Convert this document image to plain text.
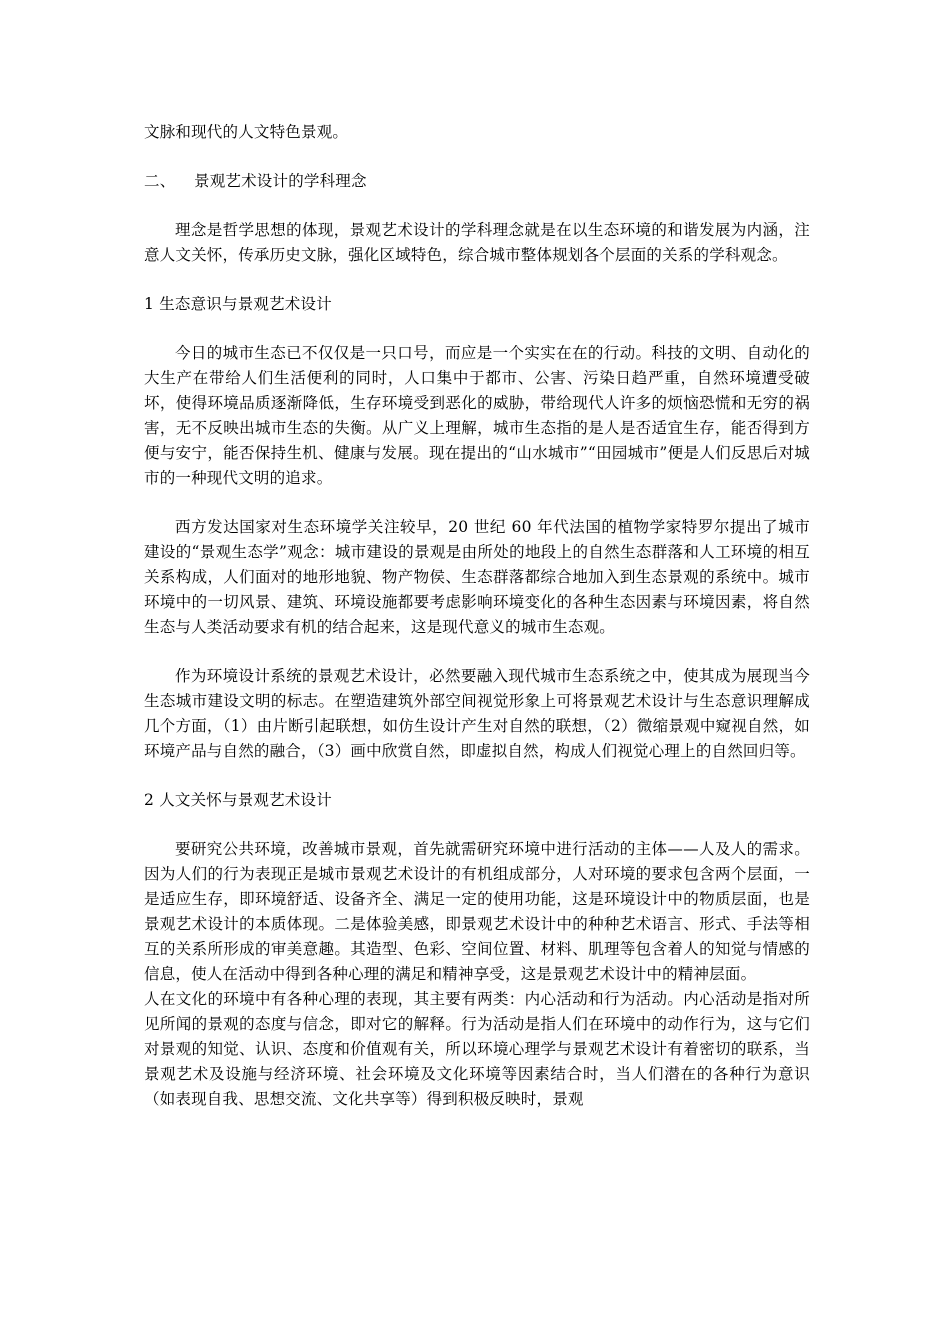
文脉和现代的人文特色景观。

二、 景观艺术设计的学科理念

理念是哲学思想的体现，景观艺术设计的学科理念就是在以生态环境的和谐发展为内涵，注意人文关怀，传承历史文脉，强化区域特色，综合城市整体规划各个层面的关系的学科观念。

1 生态意识与景观艺术设计

今日的城市生态已不仅仅是一只口号，而应是一个实实在在的行动。科技的文明、自动化的大生产在带给人们生活便利的同时，人口集中于都市、公害、污染日趋严重，自然环境遭受破坏，使得环境品质逐渐降低，生存环境受到恶化的威胁，带给现代人许多的烦恼恐慌和无穷的祸害，无不反映出城市生态的失衡。从广义上理解，城市生态指的是人是否适宜生存，能否得到方便与安宁，能否保持生机、健康与发展。现在提出的“山水城市”“田园城市”便是人们反思后对城市的一种现代文明的追求。

西方发达国家对生态环境学关注较早，20 世纪 60 年代法国的植物学家特罗尔提出了城市建设的“景观生态学”观念：城市建设的景观是由所处的地段上的自然生态群落和人工环境的相互关系构成，人们面对的地形地貌、物产物侯、生态群落都综合地加入到生态景观的系统中。城市环境中的一切风景、建筑、环境设施都要考虑影响环境变化的各种生态因素与环境因素，将自然生态与人类活动要求有机的结合起来，这是现代意义的城市生态观。

作为环境设计系统的景观艺术设计，必然要融入现代城市生态系统之中，使其成为展现当今生态城市建设文明的标志。在塑造建筑外部空间视觉形象上可将景观艺术设计与生态意识理解成几个方面，（1）由片断引起联想，如仿生设计产生对自然的联想，（2）微缩景观中窥视自然，如环境产品与自然的融合，（3）画中欣赏自然，即虚拟自然，构成人们视觉心理上的自然回归等。

2 人文关怀与景观艺术设计

要研究公共环境，改善城市景观，首先就需研究环境中进行活动的主体——人及人的需求。因为人们的行为表现正是城市景观艺术设计的有机组成部分，人对环境的要求包含两个层面，一是适应生存，即环境舒适、设备齐全、满足一定的使用功能，这是环境设计中的物质层面，也是景观艺术设计的本质体现。二是体验美感，即景观艺术设计中的种种艺术语言、形式、手法等相互的关系所形成的审美意趣。其造型、色彩、空间位置、材料、肌理等包含着人的知觉与情感的信息，使人在活动中得到各种心理的满足和精神享受，这是景观艺术设计中的精神层面。

人在文化的环境中有各种心理的表现，其主要有两类：内心活动和行为活动。内心活动是指对所见所闻的景观的态度与信念，即对它的解释。行为活动是指人们在环境中的动作行为，这与它们对景观的知觉、认识、态度和价值观有关，所以环境心理学与景观艺术设计有着密切的联系，当景观艺术及设施与经济环境、社会环境及文化环境等因素结合时，当人们潜在的各种行为意识（如表现自我、思想交流、文化共享等）得到积极反映时，景观
